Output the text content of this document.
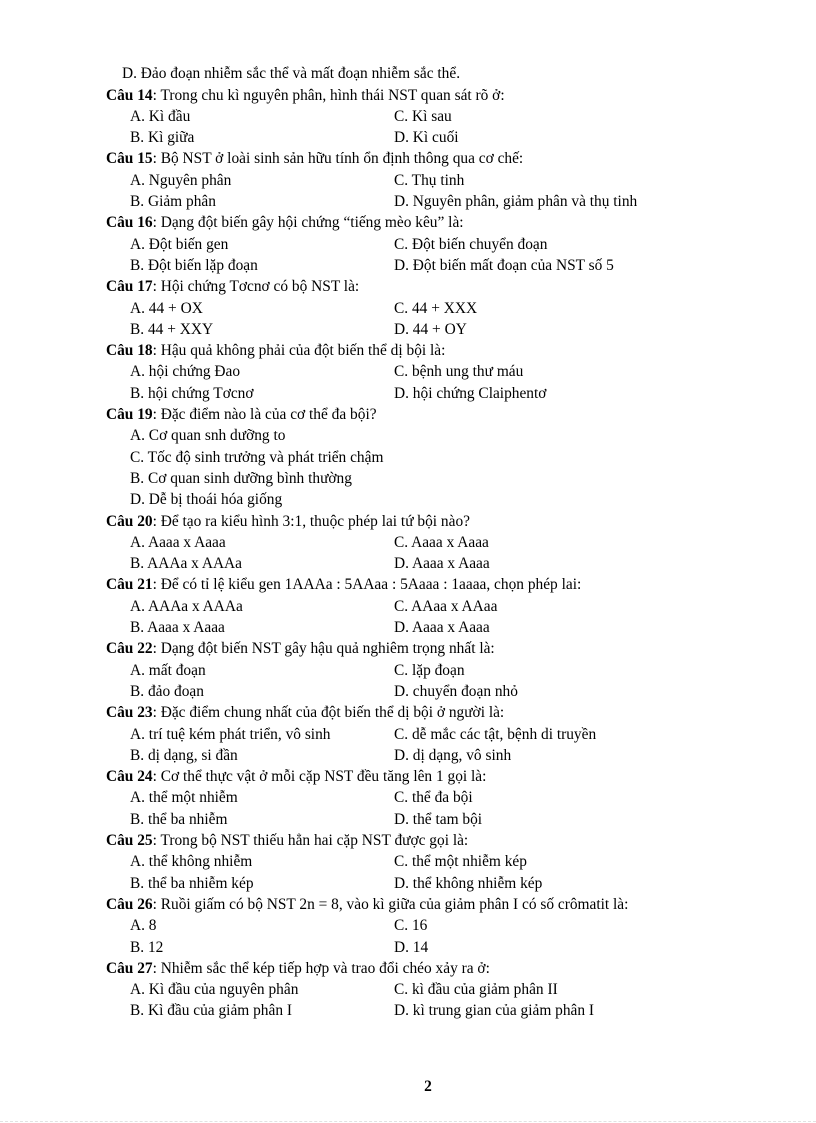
D. Đảo đoạn nhiễm sắc thể và mất đoạn nhiễm sắc thể.
Câu 14: Trong chu kì nguyên phân, hình thái NST quan sát rõ ở:
A. Kì đầu	C. Kì sau
B. Kì giữa	D. Kì cuối
Câu 15: Bộ NST ở loài sinh sản hữu tính ổn định thông qua cơ chế:
A. Nguyên phân	C. Thụ tinh
B. Giảm phân	D. Nguyên phân, giảm phân và thụ tinh
Câu 16: Dạng đột biến gây hội chứng “tiếng mèo kêu” là:
A. Đột biến gen	C. Đột biến chuyển đoạn
B. Đột biến lặp đoạn	D. Đột biến mất đoạn của NST số 5
Câu 17: Hội chứng Tơcnơ có bộ NST là:
A. 44 + OX	C. 44 + XXX
B. 44 + XXY	D. 44 + OY
Câu 18: Hậu quả không phải của đột biến thể dị bội là:
A. hội chứng Đao	C. bệnh ung thư máu
B. hội chứng Tơcnơ	D. hội chứng Claiphentơ
Câu 19: Đặc điểm nào là của cơ thể đa bội?
A. Cơ quan snh dưỡng to
C. Tốc độ sinh trưởng và phát triển chậm
B. Cơ quan sinh dưỡng bình thường
D. Dễ bị thoái hóa giống
Câu 20: Để tạo ra kiểu hình 3:1, thuộc phép lai tứ bội nào?
A. Aaaa x Aaaa	C. Aaaa x Aaaa
B. AAAa x AAAa	D. Aaaa x Aaaa
Câu 21: Để có tỉ lệ kiểu gen 1AAAa : 5AAaa : 5Aaaa : 1aaaa, chọn phép lai:
A. AAAa x AAAa	C. AAaa x AAaa
B. Aaaa x Aaaa	D. Aaaa x Aaaa
Câu 22: Dạng đột biến NST gây hậu quả nghiêm trọng nhất là:
A. mất đoạn	C. lặp đoạn
B. đảo đoạn	D. chuyển đoạn nhỏ
Câu 23: Đặc điểm chung nhất của đột biến thể dị bội ở người là:
A. trí tuệ kém phát triển, vô sinh	C. dễ mắc các tật, bệnh di truyền
B. dị dạng, si đần	D. dị dạng, vô sinh
Câu 24: Cơ thể thực vật ở mỗi cặp NST đều tăng lên 1 gọi là:
A. thể một nhiễm	C. thể đa bội
B. thể ba nhiễm	D. thể tam bội
Câu 25: Trong bộ NST thiếu hẳn hai cặp NST được gọi là:
A. thể không nhiễm	C. thể một nhiễm kép
B. thể ba nhiễm kép	D. thể không nhiễm kép
Câu 26: Ruồi giấm có bộ NST 2n = 8, vào kì giữa của giảm phân I có số crômatit là:
A. 8	C. 16
B. 12	D. 14
Câu 27: Nhiễm sắc thể kép tiếp hợp và trao đổi chéo xảy ra ở:
A. Kì đầu của nguyên phân	C. kì đầu của giảm phân II
B. Kì đầu của giảm phân I	D. kì trung gian của giảm phân I
2
